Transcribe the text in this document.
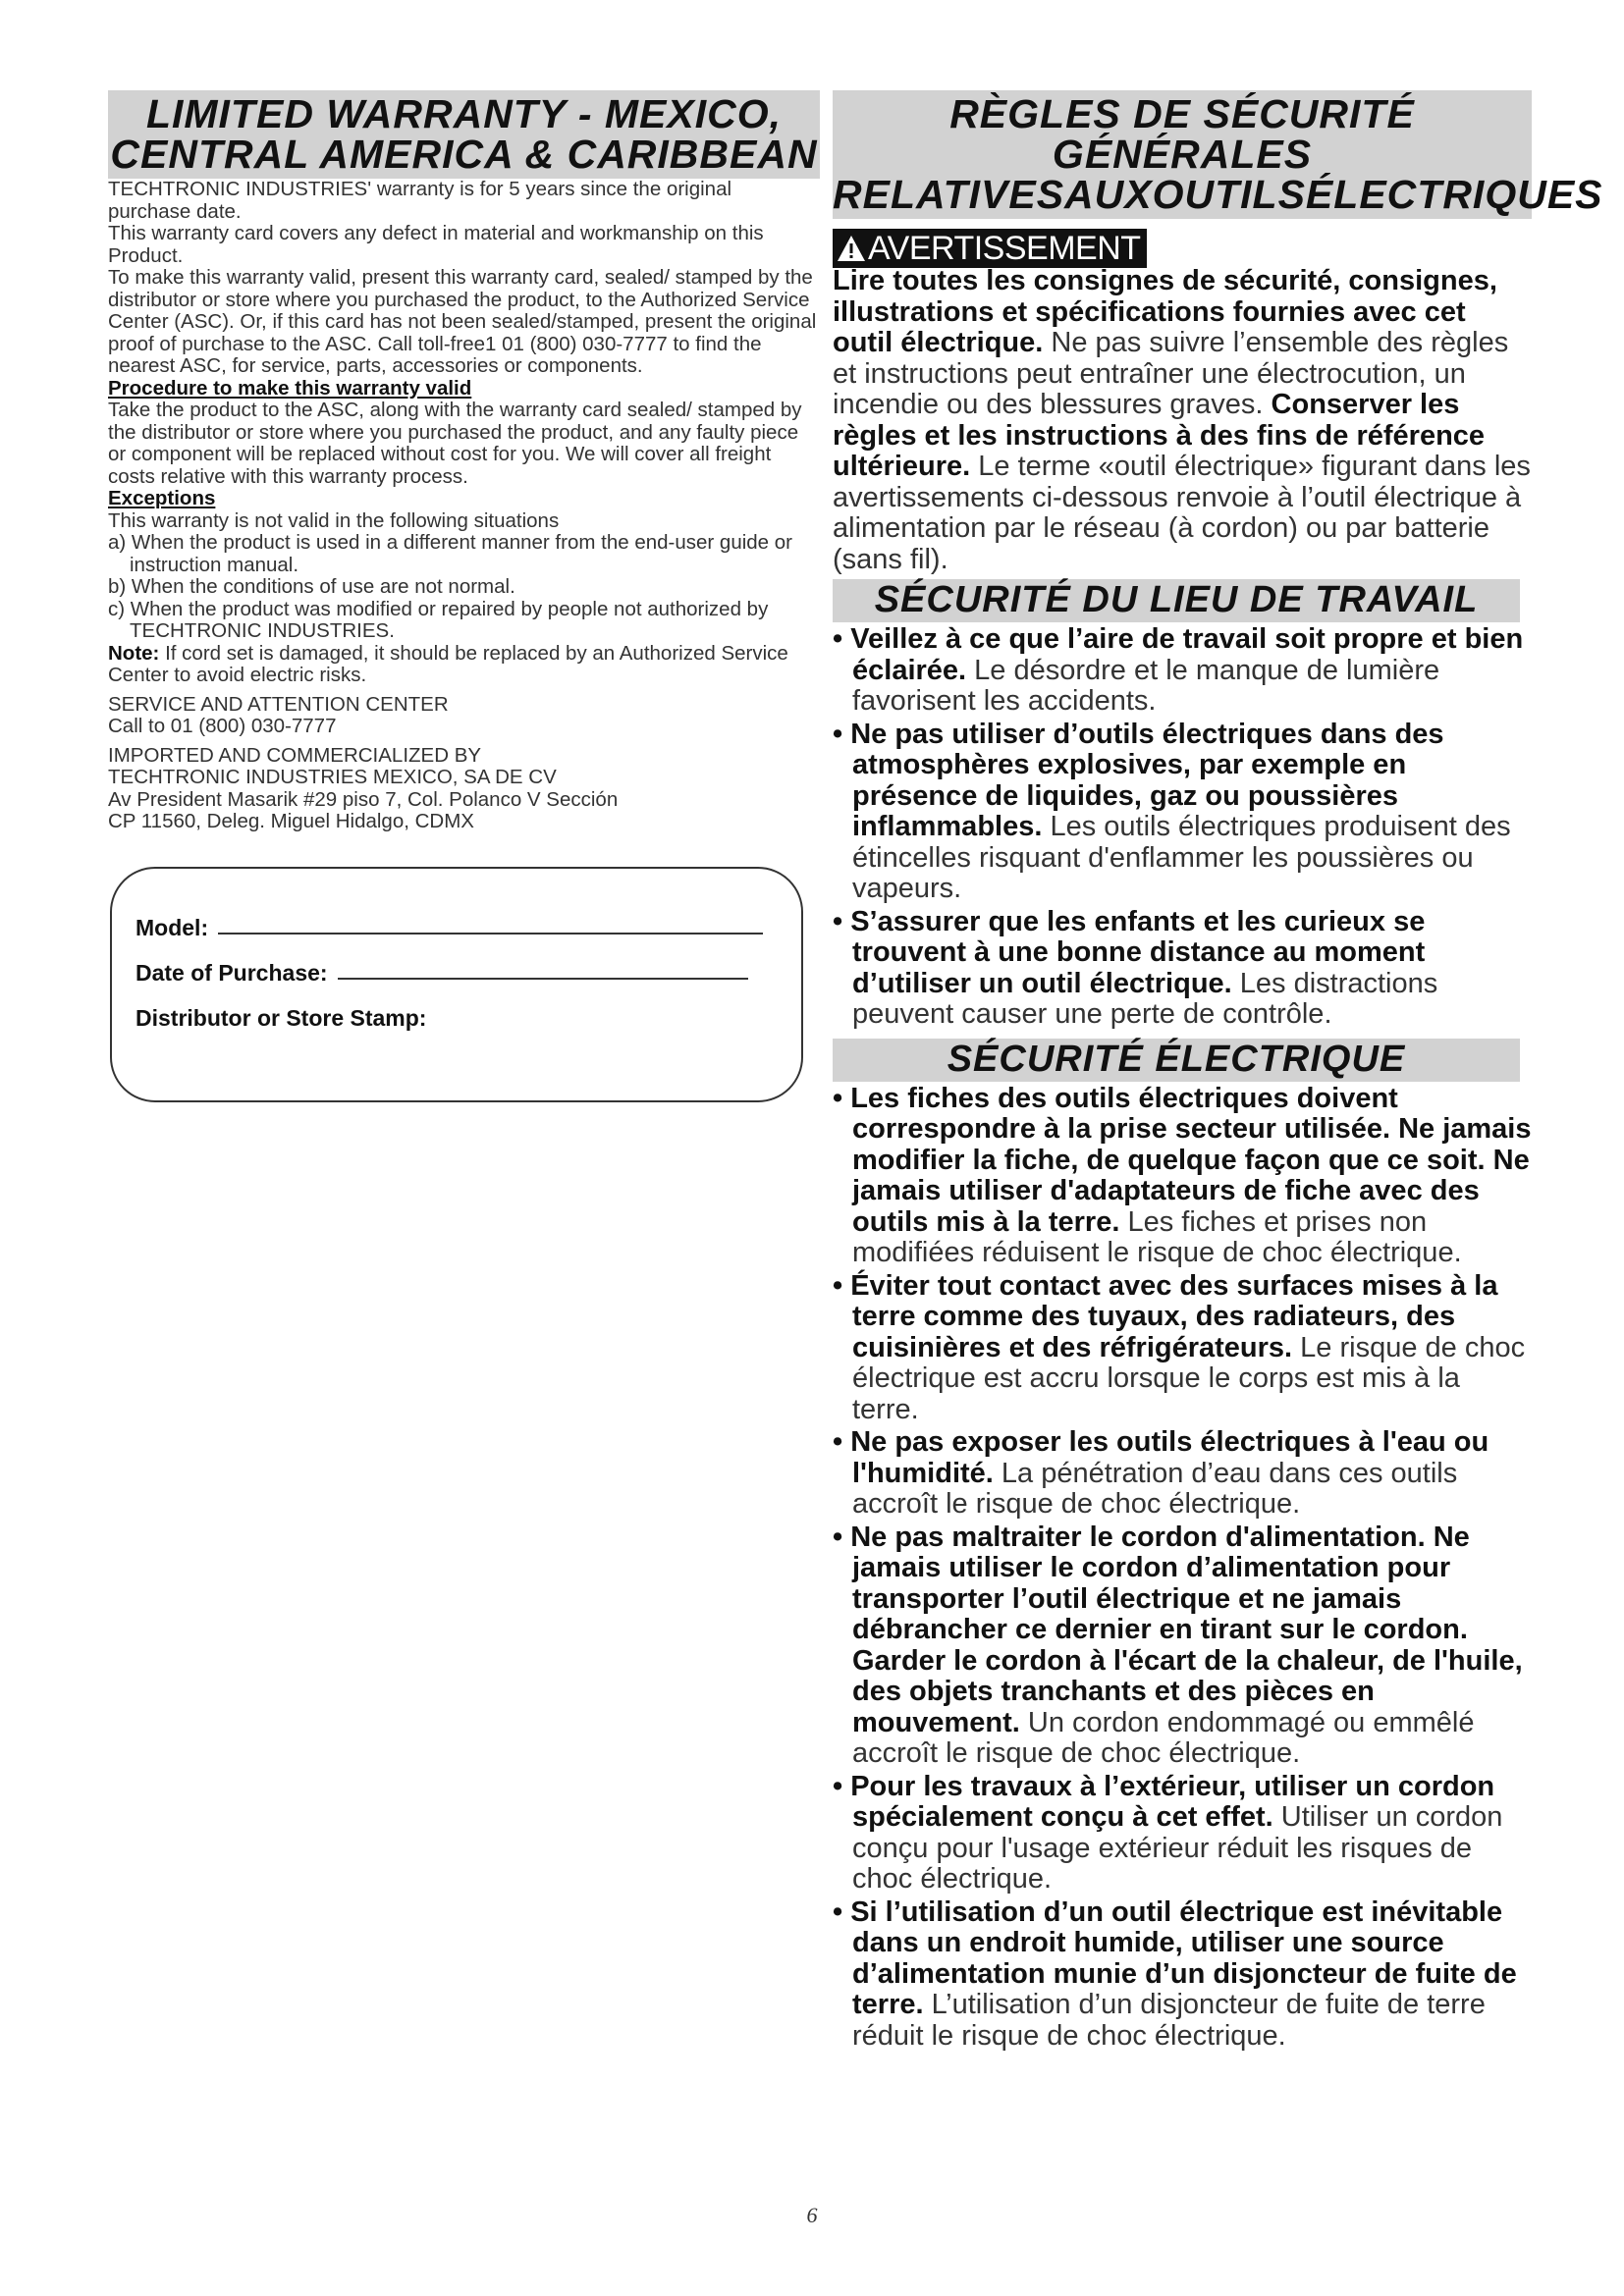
LIMITED WARRANTY - MEXICO,
CENTRAL AMERICA & CARIBBEAN

TECHTRONIC INDUSTRIES' warranty is for 5 years since the original purchase date.

This warranty card covers any defect in material and workmanship on this Product.

To make this warranty valid, present this warranty card, sealed/ stamped by the distributor or store where you purchased the product, to the Authorized Service Center (ASC). Or, if this card has not been sealed/stamped, present the original proof of purchase to the ASC. Call toll-free1 01 (800) 030-7777 to find the nearest ASC, for service, parts, accessories or components.

Procedure to make this warranty valid

Take the product to the ASC, along with the warranty card sealed/ stamped by the distributor or store where you purchased the product, and any faulty piece or component will be replaced without cost for you. We will cover all freight costs relative with this warranty process.

Exceptions

This warranty is not valid in the following situations

a) When the product is used in a different manner from the end-user guide or instruction manual.

b) When the conditions of use are not normal.

c) When the product was modified or repaired by people not authorized by TECHTRONIC INDUSTRIES.

Note: If cord set is damaged, it should be replaced by an Authorized Service Center to avoid electric risks.

SERVICE AND ATTENTION CENTER

Call to 01 (800) 030-7777

IMPORTED AND COMMERCIALIZED BY

TECHTRONIC INDUSTRIES MEXICO, SA DE CV

Av President Masarik #29 piso 7, Col. Polanco V Sección

CP 11560, Deleg. Miguel Hidalgo, CDMX

Model:
Date of Purchase:
Distributor or Store Stamp:
RÈGLES DE SÉCURITÉ GÉNÉRALES
RELATIVESAUXOUTILSÉLECTRIQUES
AVERTISSEMENT

Lire toutes les consignes de sécurité, consignes, illustrations et spécifications fournies avec cet outil électrique. Ne pas suivre l’ensemble des règles et instructions peut entraîner une électrocution, un incendie ou des blessures graves. Conserver les règles et les instructions à des fins de référence ultérieure. Le terme «outil électrique» figurant dans les avertissements ci-dessous renvoie à l’outil électrique à alimentation par le réseau (à cordon) ou par batterie (sans fil).

SÉCURITÉ DU LIEU DE TRAVAIL

• Veillez à ce que l’aire de travail soit propre et bien éclairée. Le désordre et le manque de lumière favorisent les accidents.

• Ne pas utiliser d’outils électriques dans des atmosphères explosives, par exemple en présence de liquides, gaz ou poussières inflammables. Les outils électriques produisent des étincelles risquant d'enflammer les poussières ou vapeurs.

• S’assurer que les enfants et les curieux se trouvent à une bonne distance au moment d’utiliser un outil électrique. Les distractions peuvent causer une perte de contrôle.

SÉCURITÉ ÉLECTRIQUE

• Les fiches des outils électriques doivent correspondre à la prise secteur utilisée. Ne jamais modifier la fiche, de quelque façon que ce soit. Ne jamais utiliser d'adaptateurs de fiche avec des outils mis à la terre. Les fiches et prises non modifiées réduisent le risque de choc électrique.

• Éviter tout contact avec des surfaces mises à la terre comme des tuyaux, des radiateurs, des cuisinières et des réfrigérateurs. Le risque de choc électrique est accru lorsque le corps est mis à la terre.

• Ne pas exposer les outils électriques à l'eau ou l'humidité. La pénétration d’eau dans ces outils accroît le risque de choc électrique.

• Ne pas maltraiter le cordon d'alimentation. Ne jamais utiliser le cordon d’alimentation pour transporter l’outil électrique et ne jamais débrancher ce dernier en tirant sur le cordon. Garder le cordon à l'écart de la chaleur, de l'huile, des objets tranchants et des pièces en mouvement. Un cordon endommagé ou emmêlé accroît le risque de choc électrique.

• Pour les travaux à l’extérieur, utiliser un cordon spécialement conçu à cet effet. Utiliser un cordon conçu pour l'usage extérieur réduit les risques de choc électrique.

• Si l’utilisation d’un outil électrique est inévitable dans un endroit humide, utiliser une source d’alimentation munie d’un disjoncteur de fuite de terre. L’utilisation d’un disjoncteur de fuite de terre réduit le risque de choc électrique.

6
